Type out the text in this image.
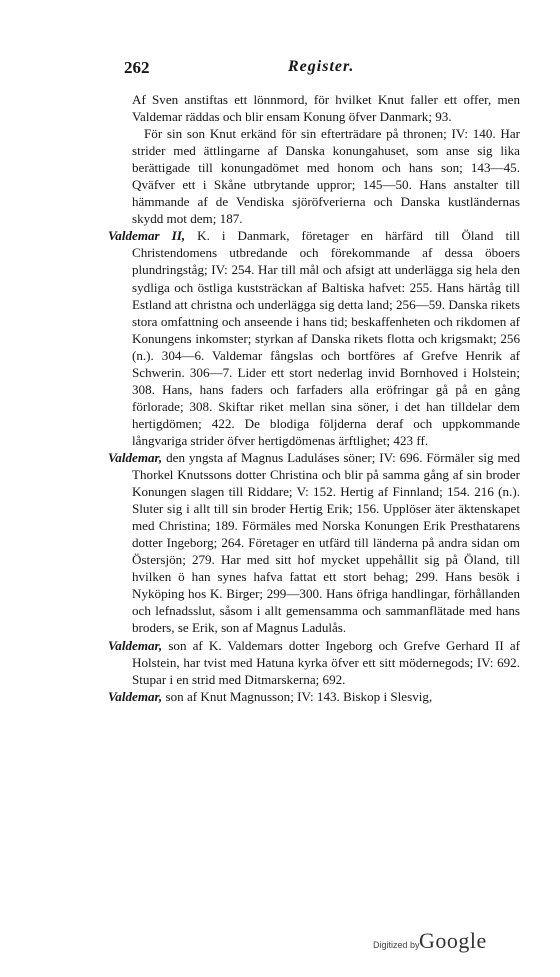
262	Register.

Af Sven anstiftas ett lönnmord, för hvilket Knut faller ett offer, men Valdemar räddas och blir ensam Konung öfver Danmark; 93.

För sin son Knut erkänd för sin efterträdare på thronen; IV: 140. Har strider med ättlingarne af Danska konungahuset, som anse sig lika berättigade till konungadömet med honom och hans son; 143—45. Qväfver ett i Skåne utbrytande uppror; 145—50. Hans anstalter till hämmande af de Vendiska sjöröfverierna och Danska kustländernas skydd mot dem; 187.

Valdemar II, K. i Danmark, företager en härfärd till Öland till Christendomens utbredande och förekommande af dessa öboers plundringståg; IV: 254. Har till mål och afsigt att underlägga sig hela den sydliga och östliga kuststräckan af Baltiska hafvet: 255. Hans härtåg till Estland att christna och underlägga sig detta land; 256—59. Danska rikets stora omfattning och anseende i hans tid; beskaffenheten och rikdomen af Konungens inkomster; styrkan af Danska rikets flotta och krigsmakt; 256 (n.). 304—6. Valdemar fångslas och bortföres af Grefve Henrik af Schwerin. 306—7. Lider ett stort nederlag invid Bornhoved i Holstein; 308. Hans, hans faders och farfaders alla eröfringar gå på en gång förlorade; 308. Skiftar riket mellan sina söner, i det han tilldelar dem hertigdömen; 422. De blodiga följderna deraf och uppkommande långvariga strider öfver hertigdömenas ärftlighet; 423 ff.

Valdemar, den yngsta af Magnus Laduláses söner; IV: 696. Förmäler sig med Thorkel Knutssons dotter Christina och blir på samma gång af sin broder Konungen slagen till Riddare; V: 152. Hertig af Finnland; 154. 216 (n.). Sluter sig i allt till sin broder Hertig Erik; 156. Upplöser äter äktenskapet med Christina; 189. Förmäles med Norska Konungen Erik Presthatarens dotter Ingeborg; 264. Företager en utfärd till länderna på andra sidan om Östersjön; 279. Har med sitt hof mycket uppehållit sig på Öland, till hvilken ö han synes hafva fattat ett stort behag; 299. Hans besök i Nyköping hos K. Birger; 299—300. Hans öfriga handlingar, förhållanden och lefnadsslut, såsom i allt gemensamma och sammanflätade med hans broders, se Erik, son af Magnus Ladulås.

Valdemar, son af K. Valdemars dotter Ingeborg och Grefve Gerhard II af Holstein, har tvist med Hatuna kyrka öfver ett sitt mödernegods; IV: 692. Stupar i en strid med Ditmarskerna; 692.

Valdemar, son af Knut Magnusson; IV: 143. Biskop i Slesvig,

Digitized by Google
